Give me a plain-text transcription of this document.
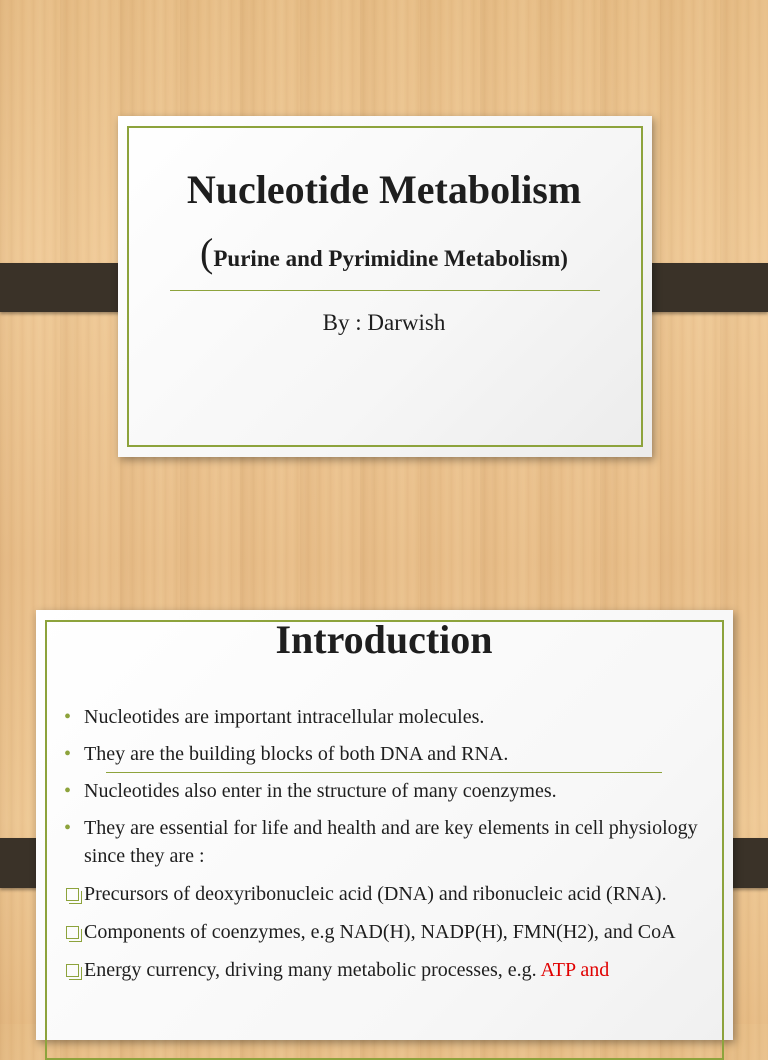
Nucleotide Metabolism
(Purine and Pyrimidine Metabolism)
By : Darwish
Introduction
• Nucleotides are important intracellular molecules.
• They are the building blocks of both DNA and RNA.
• Nucleotides also enter in the structure of many coenzymes.
• They are essential for life and health and are key elements in cell physiology since they are :
Precursors of deoxyribonucleic acid (DNA) and ribonucleic acid (RNA).
Components of coenzymes, e.g NAD(H), NADP(H), FMN(H2), and CoA
Energy currency, driving many metabolic processes, e.g. ATP and
